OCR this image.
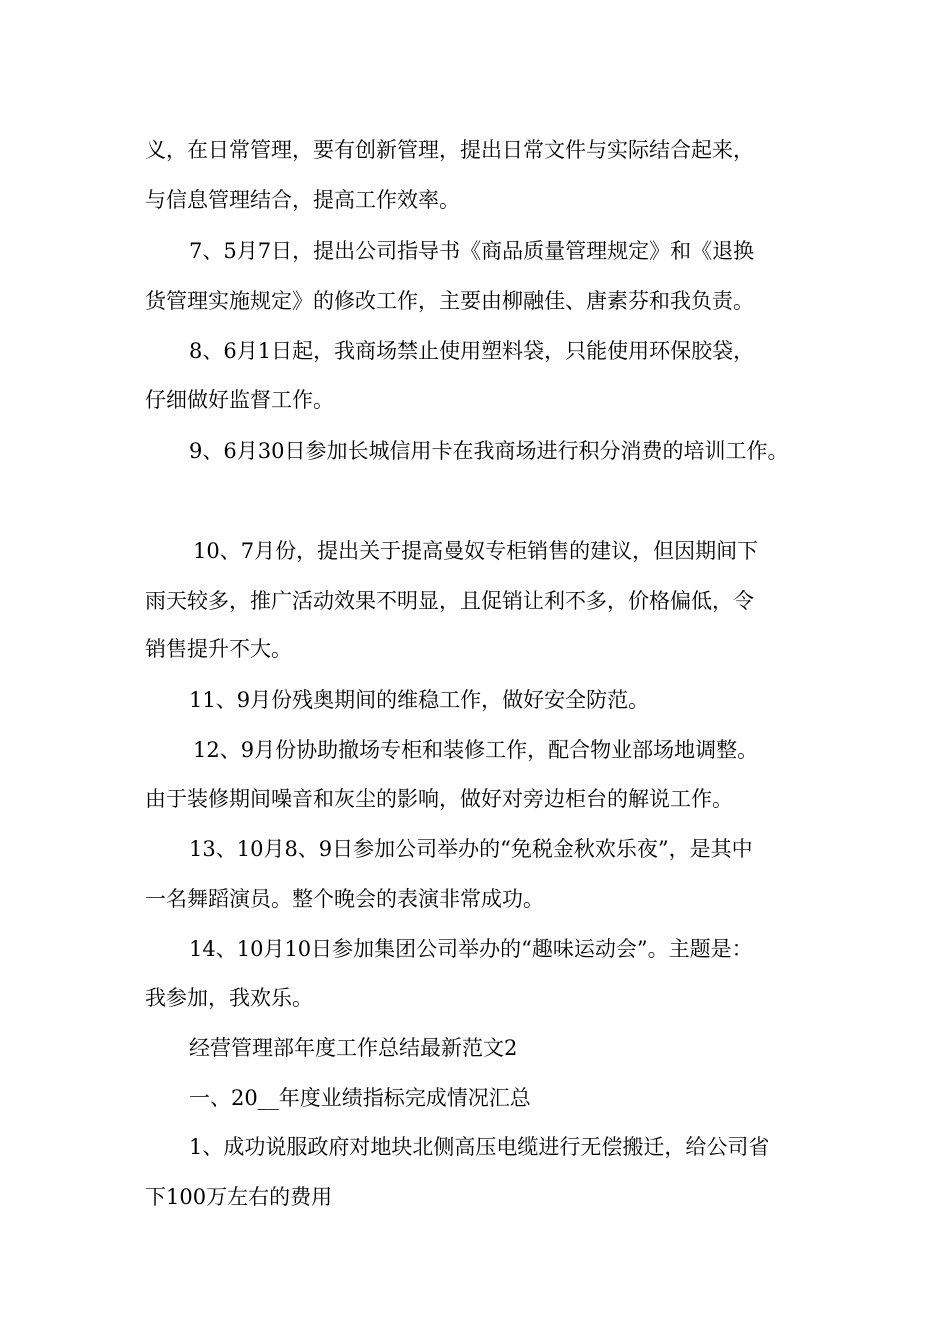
义，在日常管理，要有创新管理，提出日常文件与实际结合起来，
与信息管理结合，提高工作效率。
7、5月7日，提出公司指导书《商品质量管理规定》和《退换
货管理实施规定》的修改工作，主要由柳融佳、唐素芬和我负责。
8、6月1日起，我商场禁止使用塑料袋，只能使用环保胶袋，
仔细做好监督工作。
9、6月30日参加长城信用卡在我商场进行积分消费的培训工作。
10、7月份，提出关于提高曼奴专柜销售的建议，但因期间下
雨天较多，推广活动效果不明显，且促销让利不多，价格偏低，令
销售提升不大。
11、9月份残奥期间的维稳工作，做好安全防范。
12、9月份协助撤场专柜和装修工作，配合物业部场地调整。
由于装修期间噪音和灰尘的影响，做好对旁边柜台的解说工作。
13、10月8、9日参加公司举办的“免税金秋欢乐夜”，是其中
一名舞蹈演员。整个晚会的表演非常成功。
14、10月10日参加集团公司举办的“趣味运动会”。主题是：
我参加，我欢乐。
经营管理部年度工作总结最新范文2
一、20__年度业绩指标完成情况汇总
1、成功说服政府对地块北侧高压电缆进行无偿搬迁，给公司省
下100万左右的费用
